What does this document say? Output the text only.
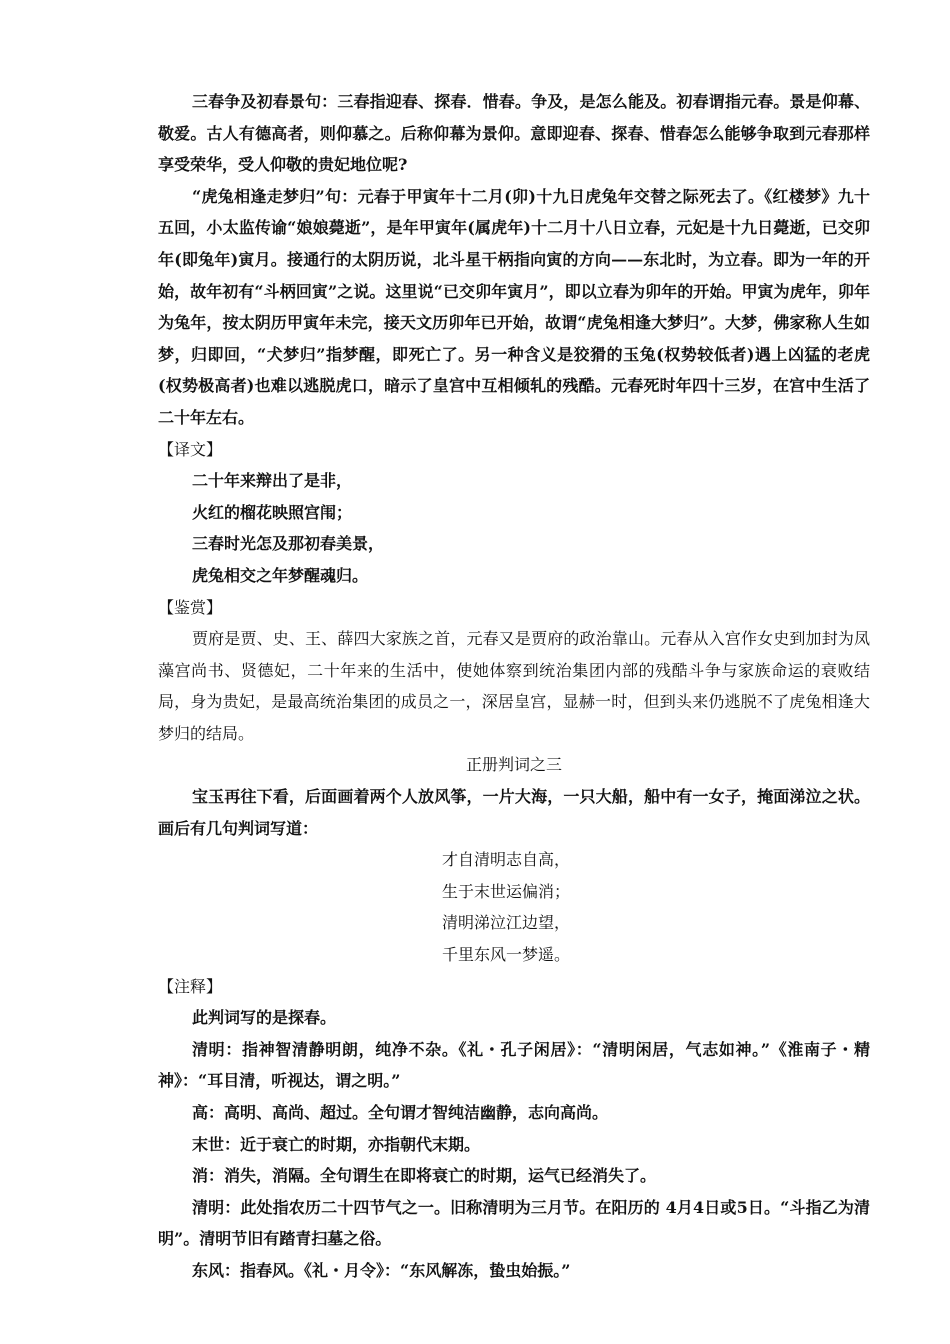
三春争及初春景句：三春指迎春、探春．惜春。争及，是怎么能及。初春谓指元春。景是仰幕、敬爱。古人有德高者，则仰慕之。后称仰幕为景仰。意即迎春、探春、惜春怎么能够争取到元春那样享受荣华，受人仰敬的贵妃地位呢?

“虎兔相逢走梦归”句：元春于甲寅年十二月(卯)十九日虎兔年交替之际死去了。《红楼梦》九十五回，小太监传谕“娘娘薨逝”，是年甲寅年(属虎年)十二月十八日立春，元妃是十九日薨逝，已交卯年(即兔年)寅月。接通行的太阴历说，北斗星干柄指向寅的方向——东北时，为立春。即为一年的开始，故年初有“斗柄回寅”之说。这里说“已交卯年寅月”，即以立春为卯年的开始。甲寅为虎年，卯年为兔年，按太阴历甲寅年未完，接天文历卯年已开始，故谓“虎兔相逢大梦归”。大梦，佛家称人生如梦，归即回，“犬梦归”指梦醒，即死亡了。另一种含义是狡猾的玉兔(权势较低者)遇上凶猛的老虎(权势极高者)也难以逃脱虎口，暗示了皇宫中互相倾轧的残酷。元春死时年四十三岁，在宫中生活了二十年左右。

【译文】

二十年来辩出了是非，

火红的榴花映照宫闱；

三春时光怎及那初春美景，

虎兔相交之年梦醒魂归。

【鉴赏】

贾府是贾、史、王、薛四大家族之首，元春又是贾府的政治靠山。元春从入宫作女史到加封为凤藻宫尚书、贤德妃，二十年来的生活中，使她体察到统治集团内部的残酷斗争与家族命运的衰败结局，身为贵妃，是最高统治集团的成员之一，深居皇宫，显赫一时，但到头来仍逃脱不了虎兔相逢大梦归的结局。

正册判词之三

宝玉再往下看，后面画着两个人放风筝，一片大海，一只大船，船中有一女子，掩面涕泣之状。画后有几句判词写道：

才自清明志自高，

生于末世运偏消；

清明涕泣江边望，

千里东风一梦遥。

【注释】

此判词写的是探春。

清明：指神智清静明朗，纯净不杂。《礼・孔子闲居》：“清明闲居，气志如神。”《淮南子・精神》：“耳目清，听视达，谓之明。”

高：高明、高尚、超过。全句谓才智纯洁幽静，志向高尚。

末世：近于衰亡的时期，亦指朝代末期。

消：消失，消隔。全句谓生在即将衰亡的时期，运气已经消失了。

清明：此处指农历二十四节气之一。旧称清明为三月节。在阳历的 4月4日或5日。“斗指乙为清明”。清明节旧有踏青扫墓之俗。

东风：指春风。《礼・月令》：“东风解冻，蛰虫始振。”
